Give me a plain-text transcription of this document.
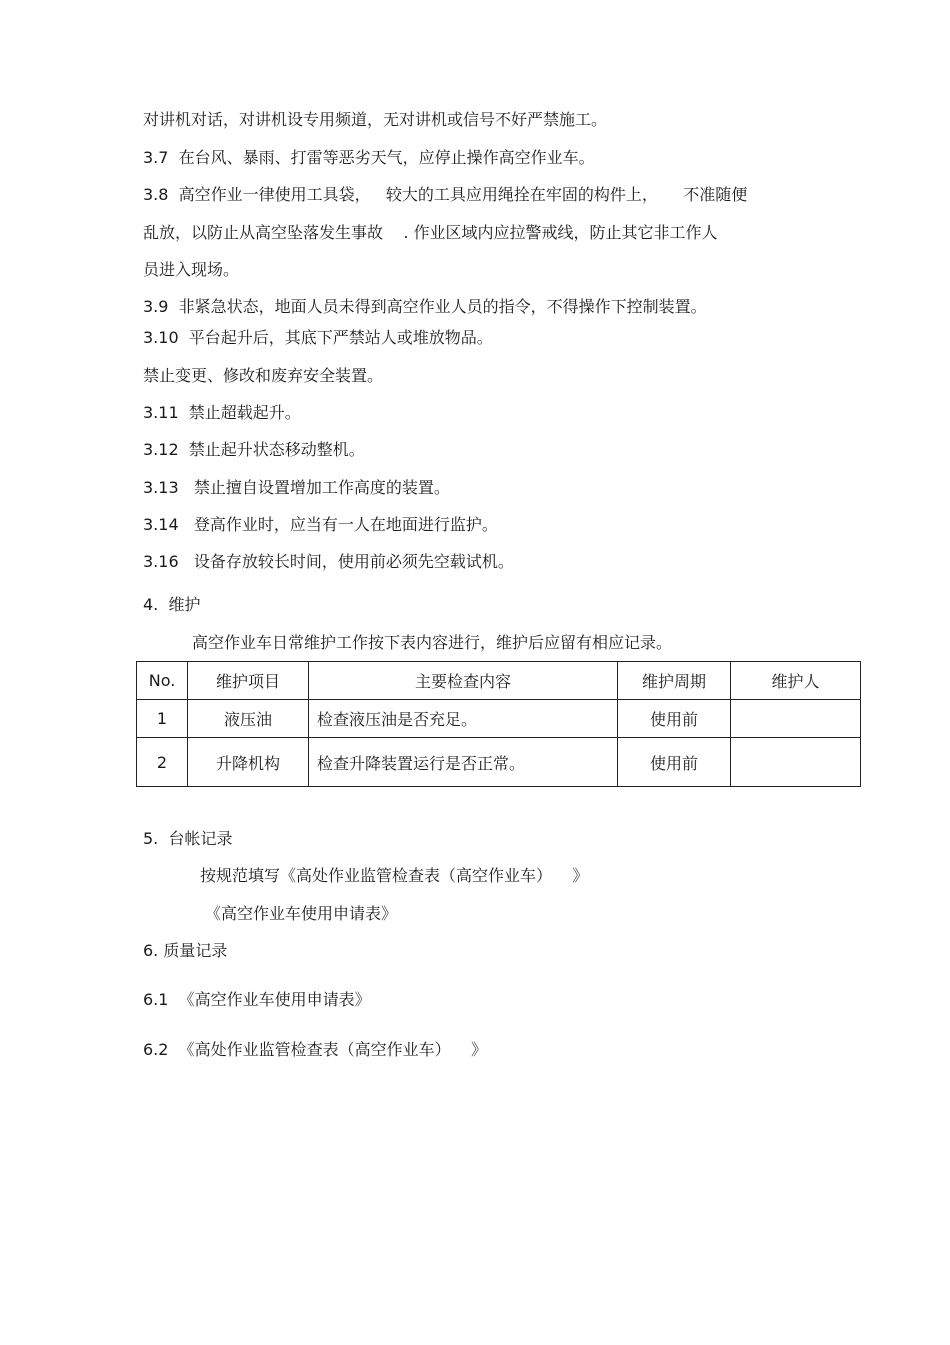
对讲机对话，对讲机设专用频道，无对讲机或信号不好严禁施工。
3.7  在台风、暴雨、打雷等恶劣天气，应停止操作高空作业车。
3.8  高空作业一律使用工具袋，   较大的工具应用绳拴在牢固的构件上，     不准随便
乱放，以防止从高空坠落发生事故    . 作业区域内应拉警戒线，防止其它非工作人
员进入现场。
3.9  非紧急状态，地面人员未得到高空作业人员的指令，不得操作下控制装置。
3.10  平台起升后，其底下严禁站人或堆放物品。
禁止变更、修改和废弃安全装置。
3.11  禁止超载起升。
3.12  禁止起升状态移动整机。
3.13   禁止擅自设置增加工作高度的装置。
3.14   登高作业时，应当有一人在地面进行监护。
3.16   设备存放较长时间，使用前必须先空载试机。
4.  维护
高空作业车日常维护工作按下表内容进行，维护后应留有相应记录。
No.	维护项目	主要检查内容	维护周期	维护人
1	液压油	检查液压油是否充足。	使用前	
2	升降机构	检查升降装置运行是否正常。	使用前	
5.  台帐记录
按规范填写《高处作业监管检查表（高空作业车）    》
《高空作业车使用申请表》
6. 质量记录
6.1  《高空作业车使用申请表》
6.2  《高处作业监管检查表（高空作业车）    》
